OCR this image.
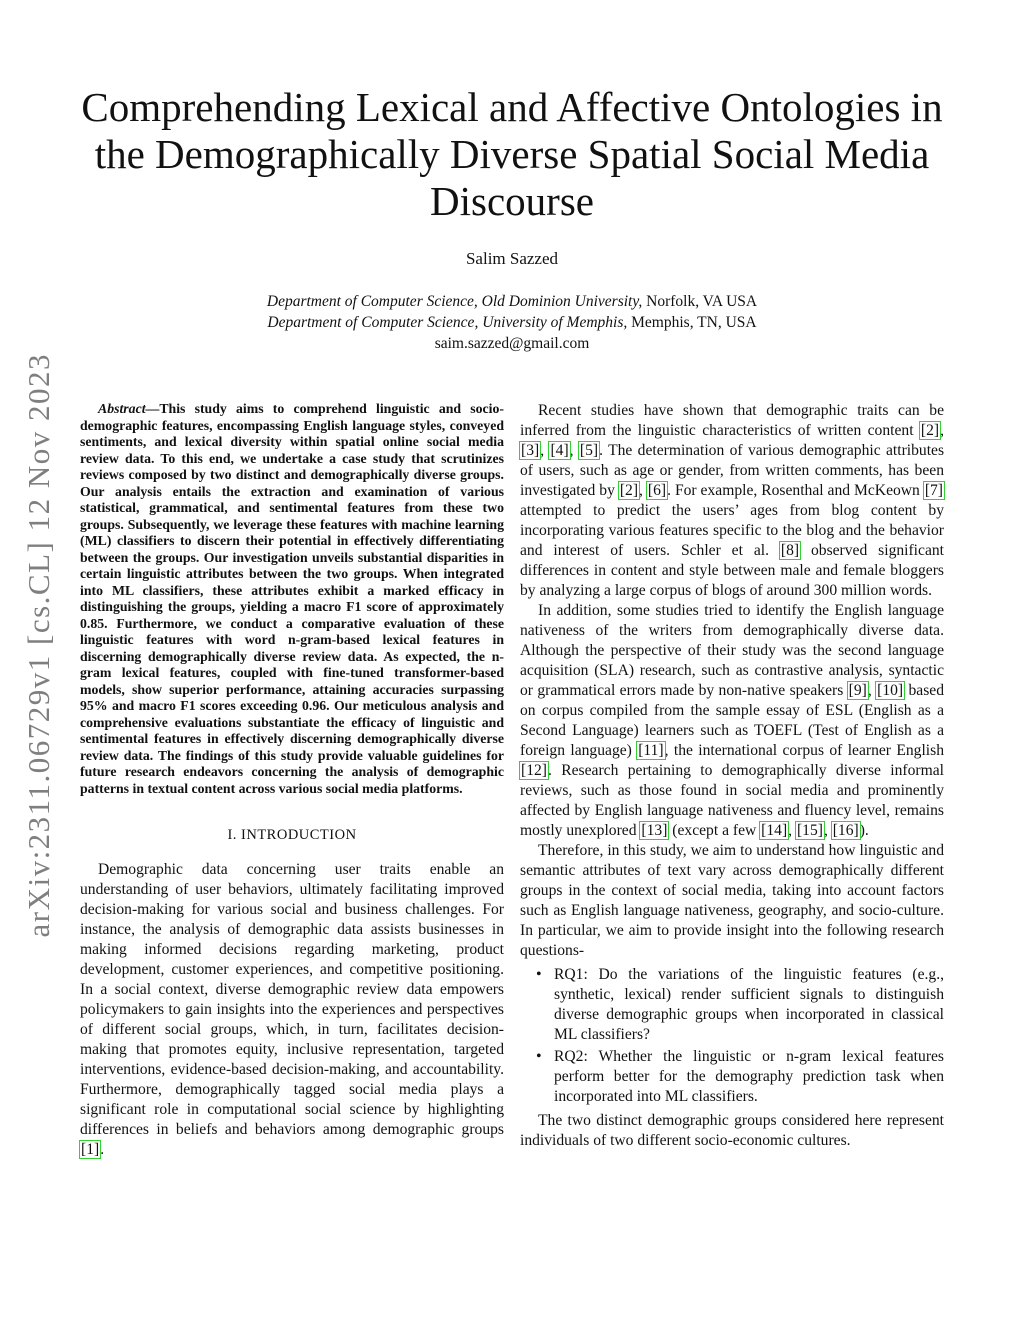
arXiv:2311.06729v1 [cs.CL] 12 Nov 2023
Comprehending Lexical and Affective Ontologies in the Demographically Diverse Spatial Social Media Discourse
Salim Sazzed
Department of Computer Science, Old Dominion University, Norfolk, VA USA
Department of Computer Science, University of Memphis, Memphis, TN, USA
saim.sazzed@gmail.com

Abstract—This study aims to comprehend linguistic and socio-demographic features, encompassing English language styles, conveyed sentiments, and lexical diversity within spatial online social media review data. To this end, we undertake a case study that scrutinizes reviews composed by two distinct and demographically diverse groups. Our analysis entails the extraction and examination of various statistical, grammatical, and sentimental features from these two groups. Subsequently, we leverage these features with machine learning (ML) classifiers to discern their potential in effectively differentiating between the groups. Our investigation unveils substantial disparities in certain linguistic attributes between the two groups. When integrated into ML classifiers, these attributes exhibit a marked efficacy in distinguishing the groups, yielding a macro F1 score of approximately 0.85. Furthermore, we conduct a comparative evaluation of these linguistic features with word n-gram-based lexical features in discerning demographically diverse review data. As expected, the n-gram lexical features, coupled with fine-tuned transformer-based models, show superior performance, attaining accuracies surpassing 95% and macro F1 scores exceeding 0.96. Our meticulous analysis and comprehensive evaluations substantiate the efficacy of linguistic and sentimental features in effectively discerning demographically diverse review data. The findings of this study provide valuable guidelines for future research endeavors concerning the analysis of demographic patterns in textual content across various social media platforms.

I. INTRODUCTION

Demographic data concerning user traits enable an understanding of user behaviors, ultimately facilitating improved decision-making for various social and business challenges. For instance, the analysis of demographic data assists businesses in making informed decisions regarding marketing, product development, customer experiences, and competitive positioning. In a social context, diverse demographic review data empowers policymakers to gain insights into the experiences and perspectives of different social groups, which, in turn, facilitates decision-making that promotes equity, inclusive representation, targeted interventions, evidence-based decision-making, and accountability. Furthermore, demographically tagged social media plays a significant role in computational social science by highlighting differences in beliefs and behaviors among demographic groups [1].

Recent studies have shown that demographic traits can be inferred from the linguistic characteristics of written content [2], [3], [4], [5]. The determination of various demographic attributes of users, such as age or gender, from written comments, has been investigated by [2], [6]. For example, Rosenthal and McKeown [7] attempted to predict the users’ ages from blog content by incorporating various features specific to the blog and the behavior and interest of users. Schler et al. [8] observed significant differences in content and style between male and female bloggers by analyzing a large corpus of blogs of around 300 million words.

In addition, some studies tried to identify the English language nativeness of the writers from demographically diverse data. Although the perspective of their study was the second language acquisition (SLA) research, such as contrastive analysis, syntactic or grammatical errors made by non-native speakers [9], [10] based on corpus compiled from the sample essay of ESL (English as a Second Language) learners such as TOEFL (Test of English as a foreign language) [11], the international corpus of learner English [12]. Research pertaining to demographically diverse informal reviews, such as those found in social media and prominently affected by English language nativeness and fluency level, remains mostly unexplored [13] (except a few [14], [15], [16]).

Therefore, in this study, we aim to understand how linguistic and semantic attributes of text vary across demographically different groups in the context of social media, taking into account factors such as English language nativeness, geography, and socio-culture. In particular, we aim to provide insight into the following research questions-

• RQ1: Do the variations of the linguistic features (e.g., synthetic, lexical) render sufficient signals to distinguish diverse demographic groups when incorporated in classical ML classifiers?
• RQ2: Whether the linguistic or n-gram lexical features perform better for the demography prediction task when incorporated into ML classifiers.

The two distinct demographic groups considered here represent individuals of two different socio-economic cultures.
